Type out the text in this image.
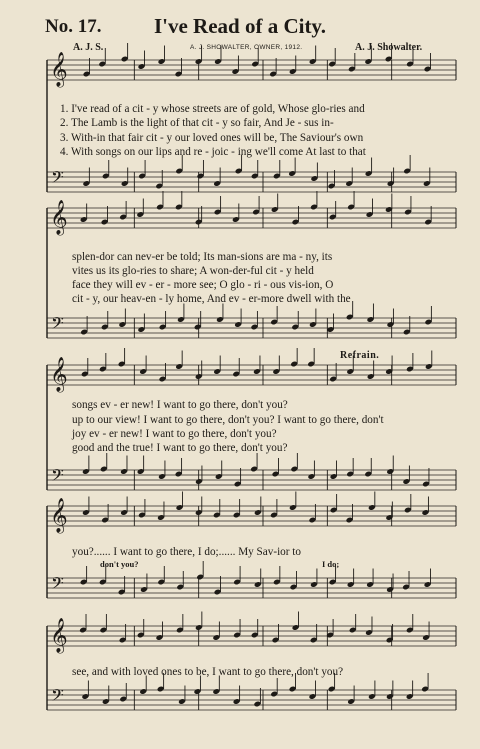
No. 17.	I've Read of a City.
A. J. S.	A. J. SHOWALTER, OWNER, 1912.	A. J. Showalter.
𝄞
𝄢
𝄞
𝄢
𝄞
𝄢
𝄞
𝄢
𝄞
𝄢
1. I've read of a cit - y whose streets are of gold, Whose glo-ries and
2. The Lamb is the light of that cit - y so fair, And Je - sus in-
3. With-in that fair cit - y our loved ones will be, The Saviour's own
4. With songs on our lips and re - joic - ing we'll come At last to that
splen-dor can nev-er be told; Its man-sions are ma - ny, its
vites us its glo-ries to share; A won-der-ful cit - y held
face they will ev - er - more see; O glo - ri - ous vis-ion, O
cit - y, our heav-en - ly home, And ev - er-more dwell with the
Refrain.
songs ev - er new! I want to go there, don't you?
up to our view! I want to go there, don't you? I want to go there, don't
joy ev - er new! I want to go there, don't you?
good and the true! I want to go there, don't you?
you?...... I want to go there, I do;...... My Sav-ior to
don't you?	I do;
see, and with loved ones to be, I want to go there, don't you?
